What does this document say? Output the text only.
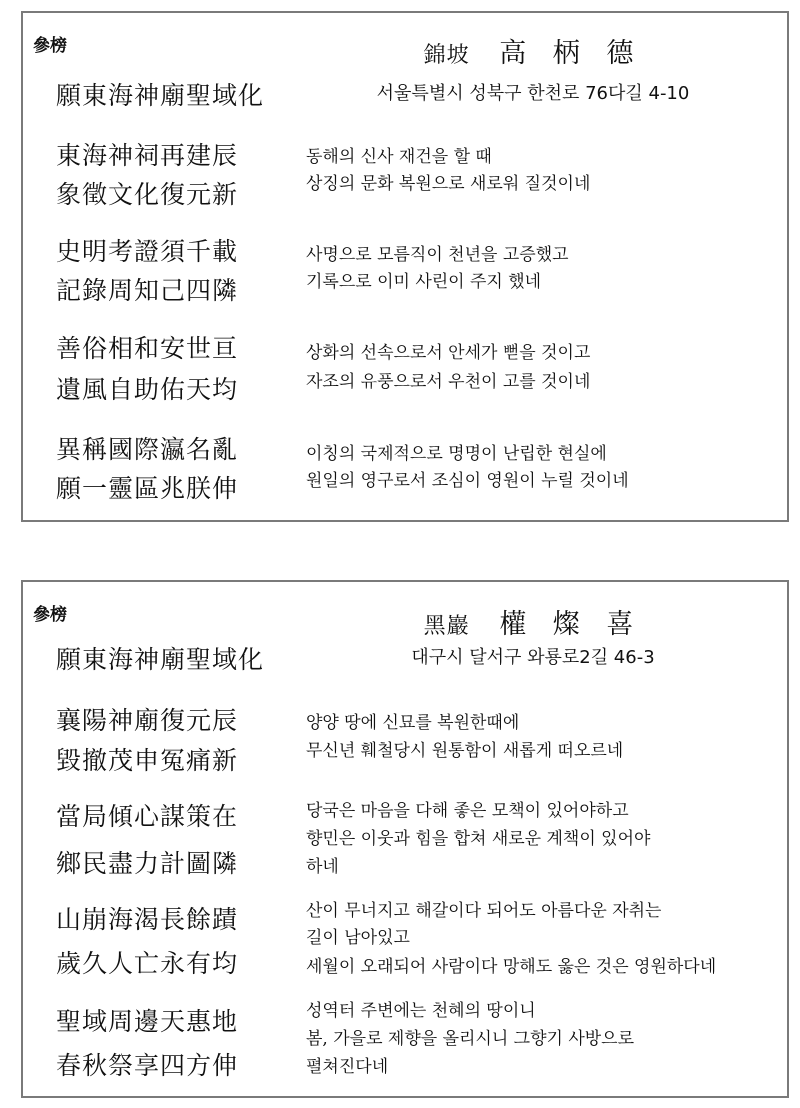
參榜	錦坡 高 柄 德
願東海神廟聖域化	서울특별시 성북구 한천로 76다길 4-10
東海神祠再建辰
象徵文化復元新
동해의 신사 재건을 할 때
상징의 문화 복원으로 새로워 질것이네
史明考證須千載
記錄周知己四隣
사명으로 모름직이 천년을 고증했고
기록으로 이미 사린이 주지 했네
善俗相和安世亘
遺風自助佑天均
상화의 선속으로서 안세가 뻗을 것이고
자조의 유풍으로서 우천이 고를 것이네
異稱國際瀛名亂
願一靈區兆朕伸
이칭의 국제적으로 명명이 난립한 현실에
원일의 영구로서 조심이 영원이 누릴 것이네
參榜	黑巖 權 燦 喜
願東海神廟聖域化	대구시 달서구 와룡로2길 46-3
襄陽神廟復元辰
毀撤茂申冤痛新
양양 땅에 신묘를 복원한때에
무신년 훼철당시 원통함이 새롭게 떠오르네
當局傾心謀策在
鄉民盡力計圖隣
당국은 마음을 다해 좋은 모책이 있어야하고
향민은 이웃과 힘을 합쳐 새로운 계책이 있어야
하네
山崩海渴長餘蹟
歲久人亡永有均
산이 무너지고 해갈이다 되어도 아름다운 자취는
길이 남아있고
세월이 오래되어 사람이다 망해도 옳은 것은 영원하다네
聖域周邊天惠地
春秋祭享四方伸
성역터 주변에는 천혜의 땅이니
봄, 가을로 제향을 올리시니 그향기 사방으로
펼쳐진다네
